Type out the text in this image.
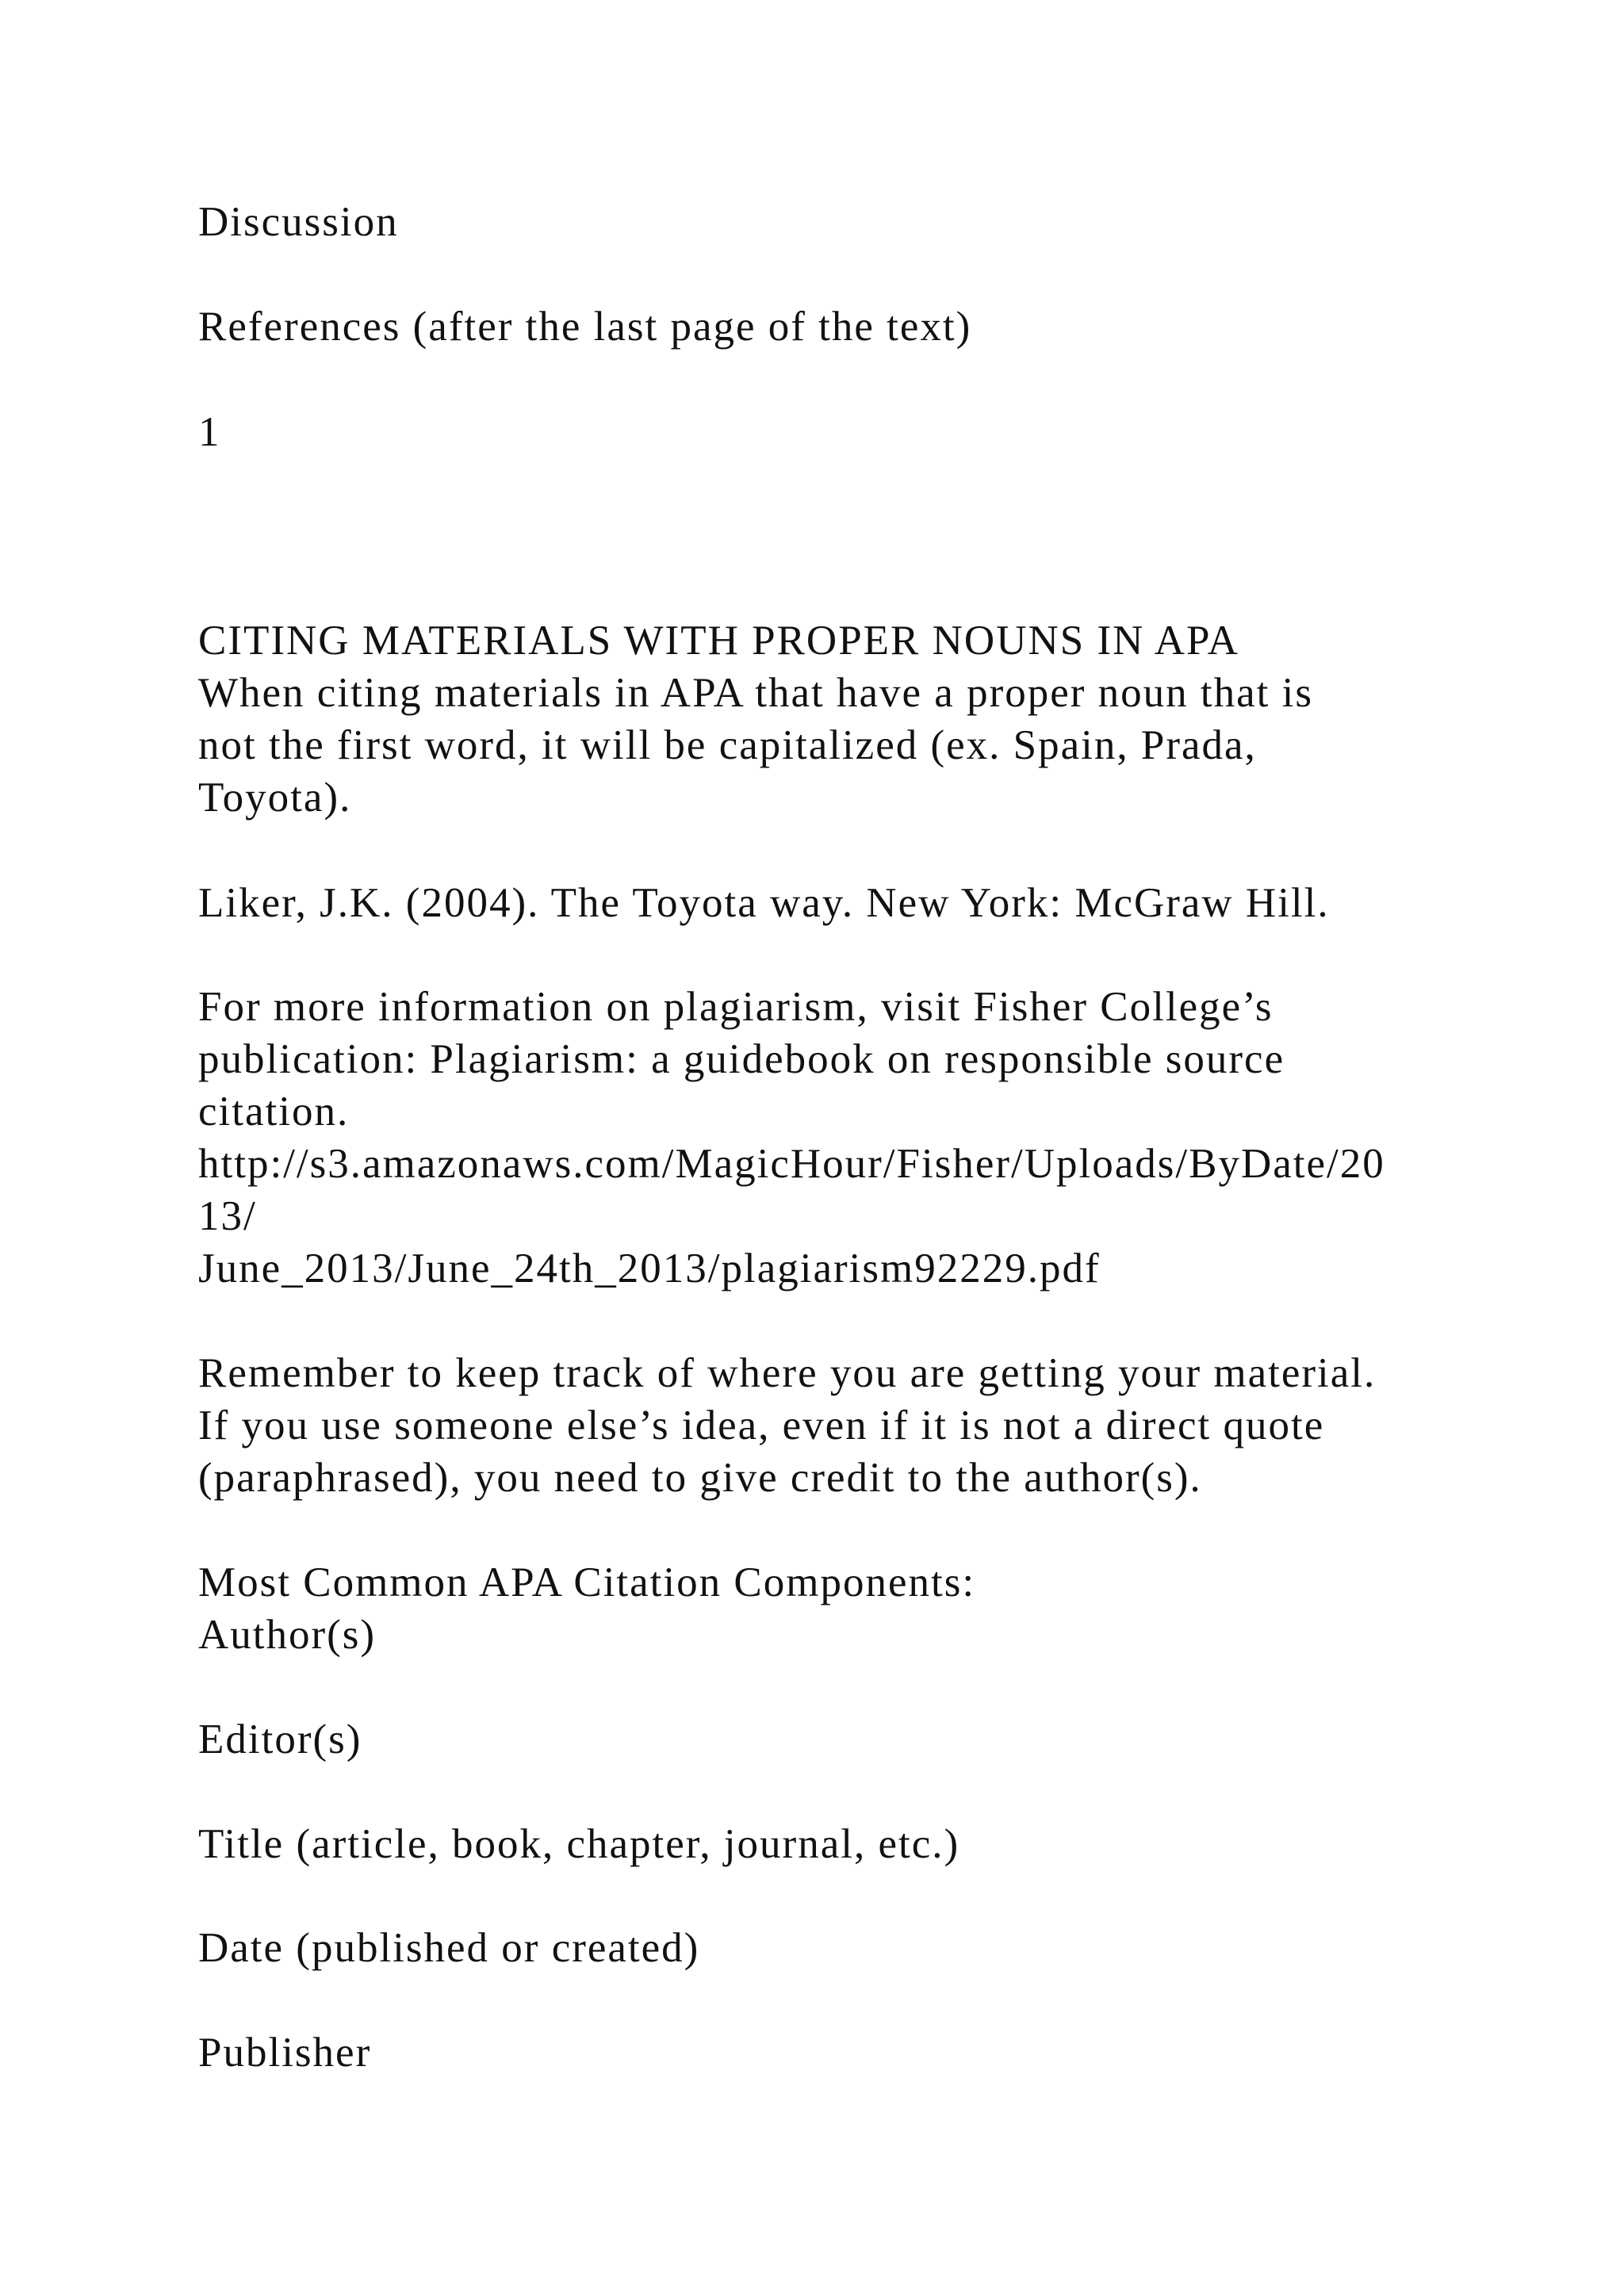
Discussion

References (after the last page of the text)

1

CITING MATERIALS WITH PROPER NOUNS IN APA

When citing materials in APA that have a proper noun that is

not the first word, it will be capitalized (ex. Spain, Prada,

Toyota).

Liker, J.K. (2004). The Toyota way. New York: McGraw Hill.

For more information on plagiarism, visit Fisher College’s

publication: Plagiarism: a guidebook on responsible source

citation.

http://s3.amazonaws.com/MagicHour/Fisher/Uploads/ByDate/20

13/

June_2013/June_24th_2013/plagiarism92229.pdf

Remember to keep track of where you are getting your material.

If you use someone else’s idea, even if it is not a direct quote

(paraphrased), you need to give credit to the author(s).

Most Common APA Citation Components:

Author(s)

Editor(s)

Title (article, book, chapter, journal, etc.)

Date (published or created)

Publisher
